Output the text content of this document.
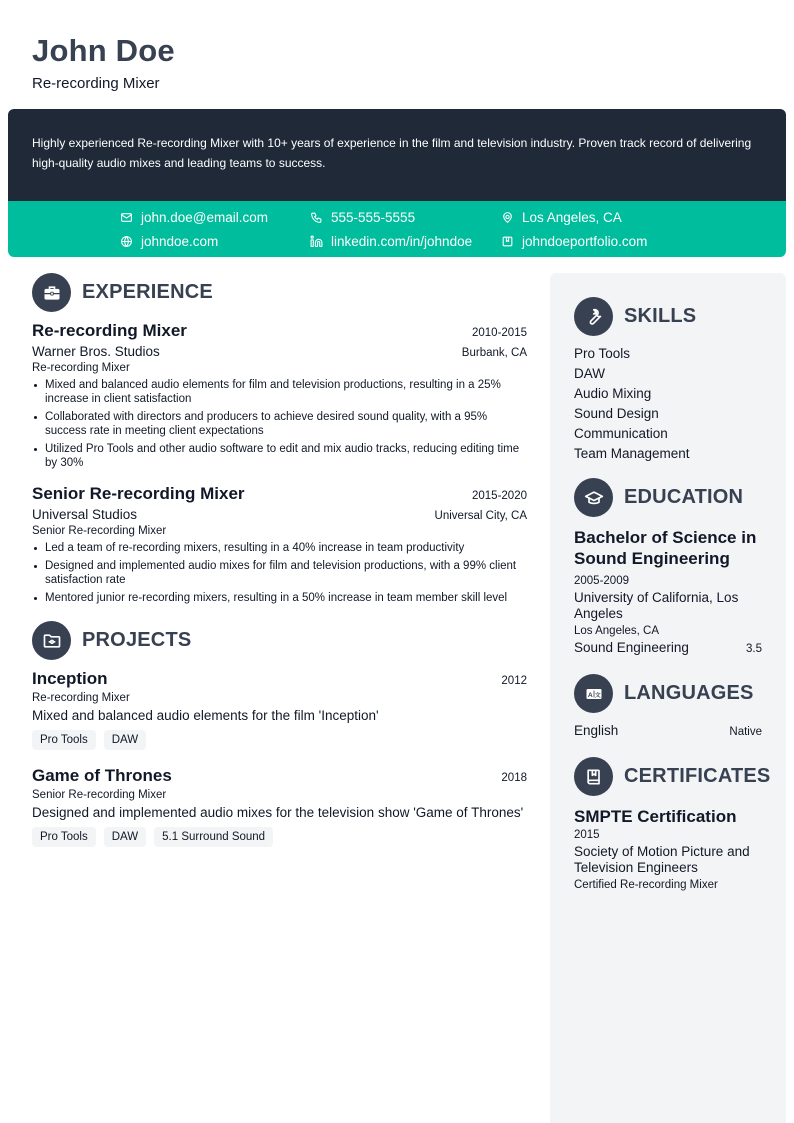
John Doe
Re-recording Mixer
Highly experienced Re-recording Mixer with 10+ years of experience in the film and television industry. Proven track record of delivering high-quality audio mixes and leading teams to success.
john.doe@email.com	555-555-5555	Los Angeles, CA
johndoe.com	linkedin.com/in/johndoe	johndoeportfolio.com
EXPERIENCE
Re-recording Mixer	2010-2015
Warner Bros. Studios	Burbank, CA
Re-recording Mixer
Mixed and balanced audio elements for film and television productions, resulting in a 25% increase in client satisfaction
Collaborated with directors and producers to achieve desired sound quality, with a 95% success rate in meeting client expectations
Utilized Pro Tools and other audio software to edit and mix audio tracks, reducing editing time by 30%
Senior Re-recording Mixer	2015-2020
Universal Studios	Universal City, CA
Senior Re-recording Mixer
Led a team of re-recording mixers, resulting in a 40% increase in team productivity
Designed and implemented audio mixes for film and television productions, with a 99% client satisfaction rate
Mentored junior re-recording mixers, resulting in a 50% increase in team member skill level
PROJECTS
Inception	2012
Re-recording Mixer
Mixed and balanced audio elements for the film 'Inception'
Pro Tools	DAW
Game of Thrones	2018
Senior Re-recording Mixer
Designed and implemented audio mixes for the television show 'Game of Thrones'
Pro Tools	DAW	5.1 Surround Sound
SKILLS
Pro Tools
DAW
Audio Mixing
Sound Design
Communication
Team Management
EDUCATION
Bachelor of Science in Sound Engineering
2005-2009
University of California, Los Angeles
Los Angeles, CA
Sound Engineering	3.5
A 文 LANGUAGES
English	Native
CERTIFICATES
SMPTE Certification
2015
Society of Motion Picture and Television Engineers
Certified Re-recording Mixer
